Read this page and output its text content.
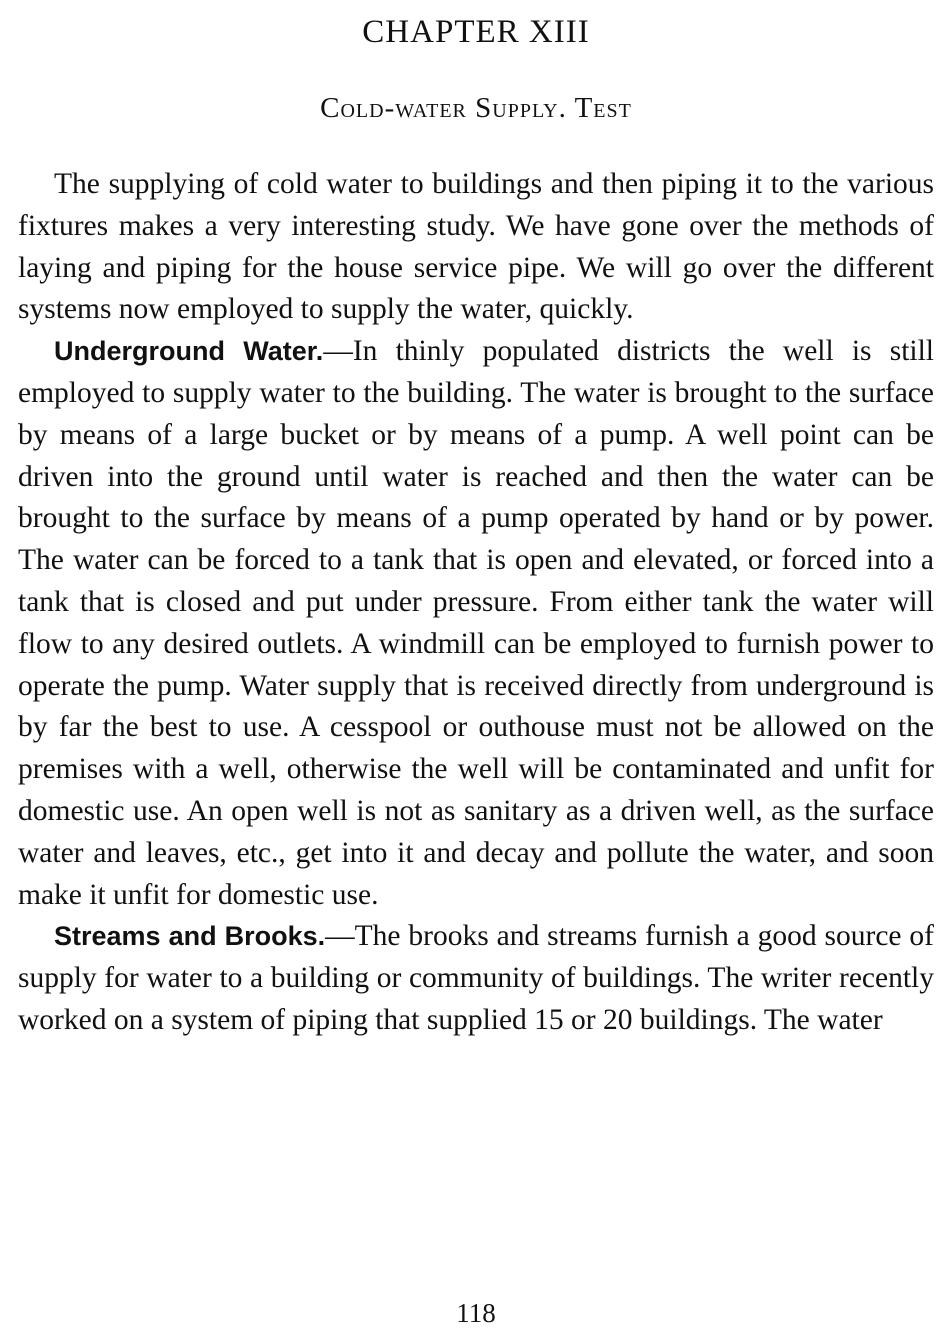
CHAPTER XIII
Cold-water Supply. Test

The supplying of cold water to buildings and then piping it to the various fixtures makes a very interesting study. We have gone over the methods of laying and piping for the house service pipe. We will go over the different systems now employed to supply the water, quickly.

Underground Water.—In thinly populated districts the well is still employed to supply water to the building. The water is brought to the surface by means of a large bucket or by means of a pump. A well point can be driven into the ground until water is reached and then the water can be brought to the surface by means of a pump operated by hand or by power. The water can be forced to a tank that is open and elevated, or forced into a tank that is closed and put under pressure. From either tank the water will flow to any desired outlets. A windmill can be employed to furnish power to operate the pump. Water supply that is received directly from underground is by far the best to use. A cesspool or outhouse must not be allowed on the premises with a well, otherwise the well will be contaminated and unfit for domestic use. An open well is not as sanitary as a driven well, as the surface water and leaves, etc., get into it and decay and pollute the water, and soon make it unfit for domestic use.

Streams and Brooks.—The brooks and streams furnish a good source of supply for water to a building or community of buildings. The writer recently worked on a system of piping that supplied 15 or 20 buildings. The water

118
